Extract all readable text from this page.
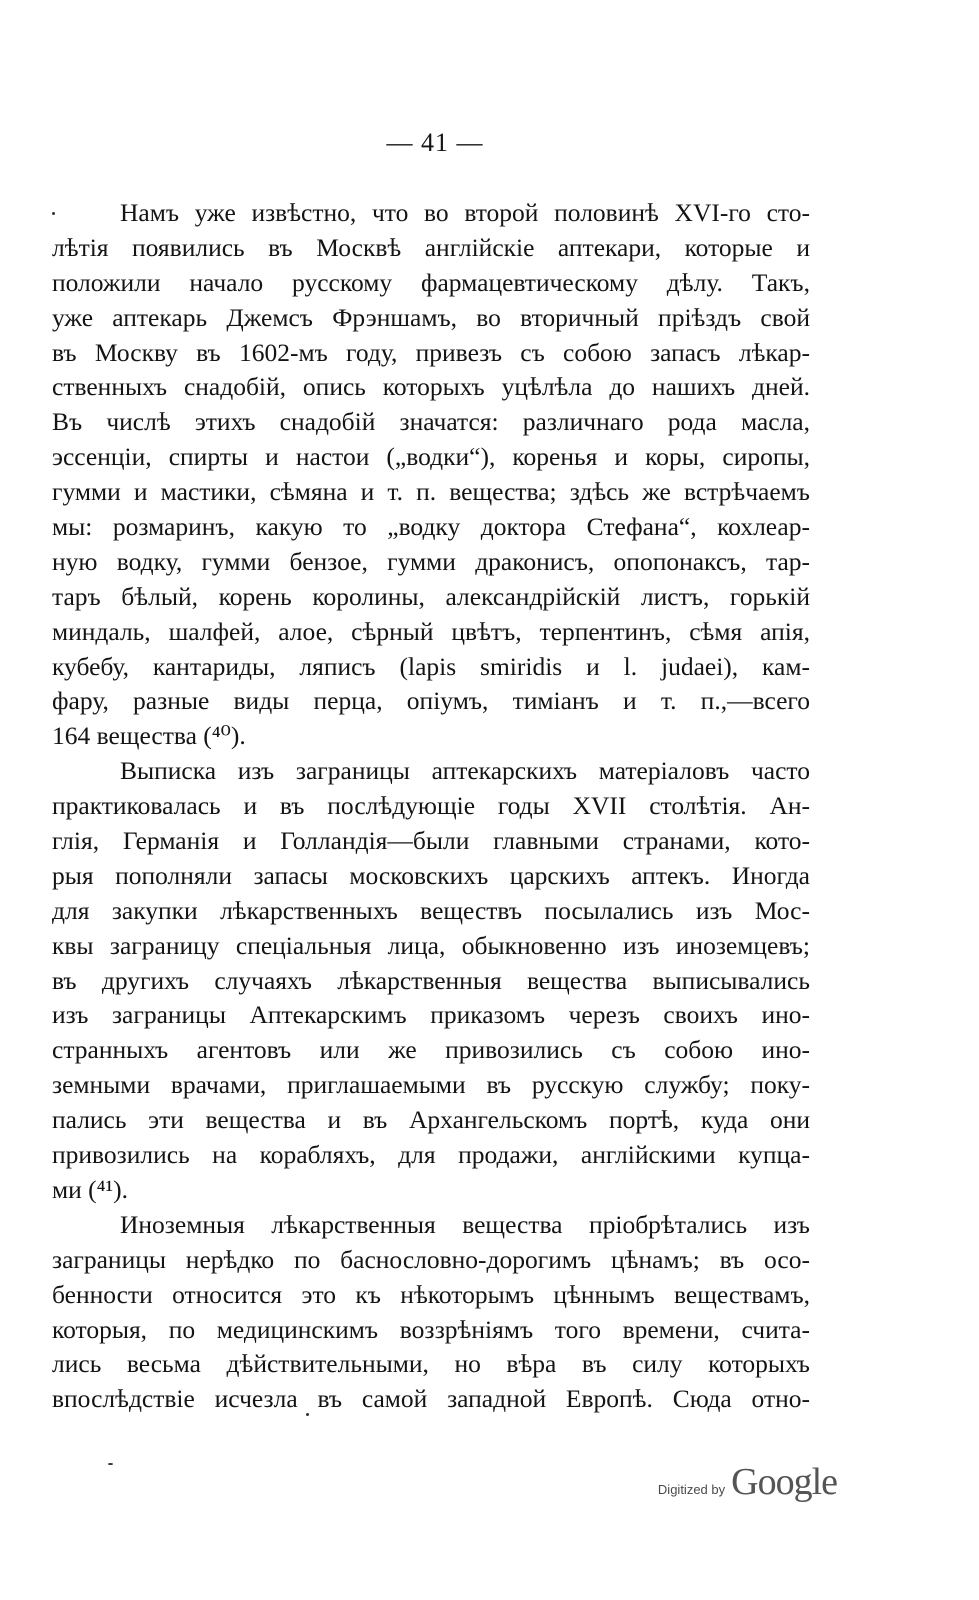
— 41 —
Намъ уже извѣстно, что во второй половинѣ XVI-го сто-
лѣтія появились въ Москвѣ англійскіе аптекари, которые и
положили начало русскому фармацевтическому дѣлу. Такъ,
уже аптекарь Джемсъ Фрэншамъ, во вторичный пріѣздъ свой
въ Москву въ 1602-мъ году, привезъ съ собою запасъ лѣкар-
ственныхъ снадобій, опись которыхъ уцѣлѣла до нашихъ дней.
Въ числѣ этихъ снадобій значатся: различнаго рода масла,
эссенціи, спирты и настои („водки“), коренья и коры, сиропы,
гумми и мастики, сѣмяна и т. п. вещества; здѣсь же встрѣчаемъ
мы: розмаринъ, какую то „водку доктора Стефана“, кохлеар-
ную водку, гумми бензое, гумми драконисъ, опопонаксъ, тар-
таръ бѣлый, корень королины, александрійскій листъ, горькій
миндаль, шалфей, алое, сѣрный цвѣтъ, терпентинъ, сѣмя апія,
кубебу, кантариды, ляписъ (lapis smiridis и l. judaei), кам-
фару, разные виды перца, опіумъ, тиміанъ и т. п.,—всего
164 вещества (⁴⁰).
Выписка изъ заграницы аптекарскихъ матеріаловъ часто
практиковалась и въ послѣдующіе годы XVII столѣтія. Ан-
глія, Германія и Голландія—были главными странами, кото-
рыя пополняли запасы московскихъ царскихъ аптекъ. Иногда
для закупки лѣкарственныхъ веществъ посылались изъ Мос-
квы заграницу спеціальныя лица, обыкновенно изъ иноземцевъ;
въ другихъ случаяхъ лѣкарственныя вещества выписывались
изъ заграницы Аптекарскимъ приказомъ черезъ своихъ ино-
странныхъ агентовъ или же привозились съ собою ино-
земными врачами, приглашаемыми въ русскую службу; поку-
пались эти вещества и въ Архангельскомъ портѣ, куда они
привозились на корабляхъ, для продажи, англійскими купца-
ми (⁴¹).
Иноземныя лѣкарственныя вещества пріобрѣтались изъ
заграницы нерѣдко по баснословно-дорогимъ цѣнамъ; въ осо-
бенности относится это къ нѣкоторымъ цѣннымъ веществамъ,
которыя, по медицинскимъ воззрѣніямъ того времени, счита-
лись весьма дѣйствительными, но вѣра въ силу которыхъ
впослѣдствіе исчезла въ самой западной Европѣ. Сюда отно-
Digitized by Google
